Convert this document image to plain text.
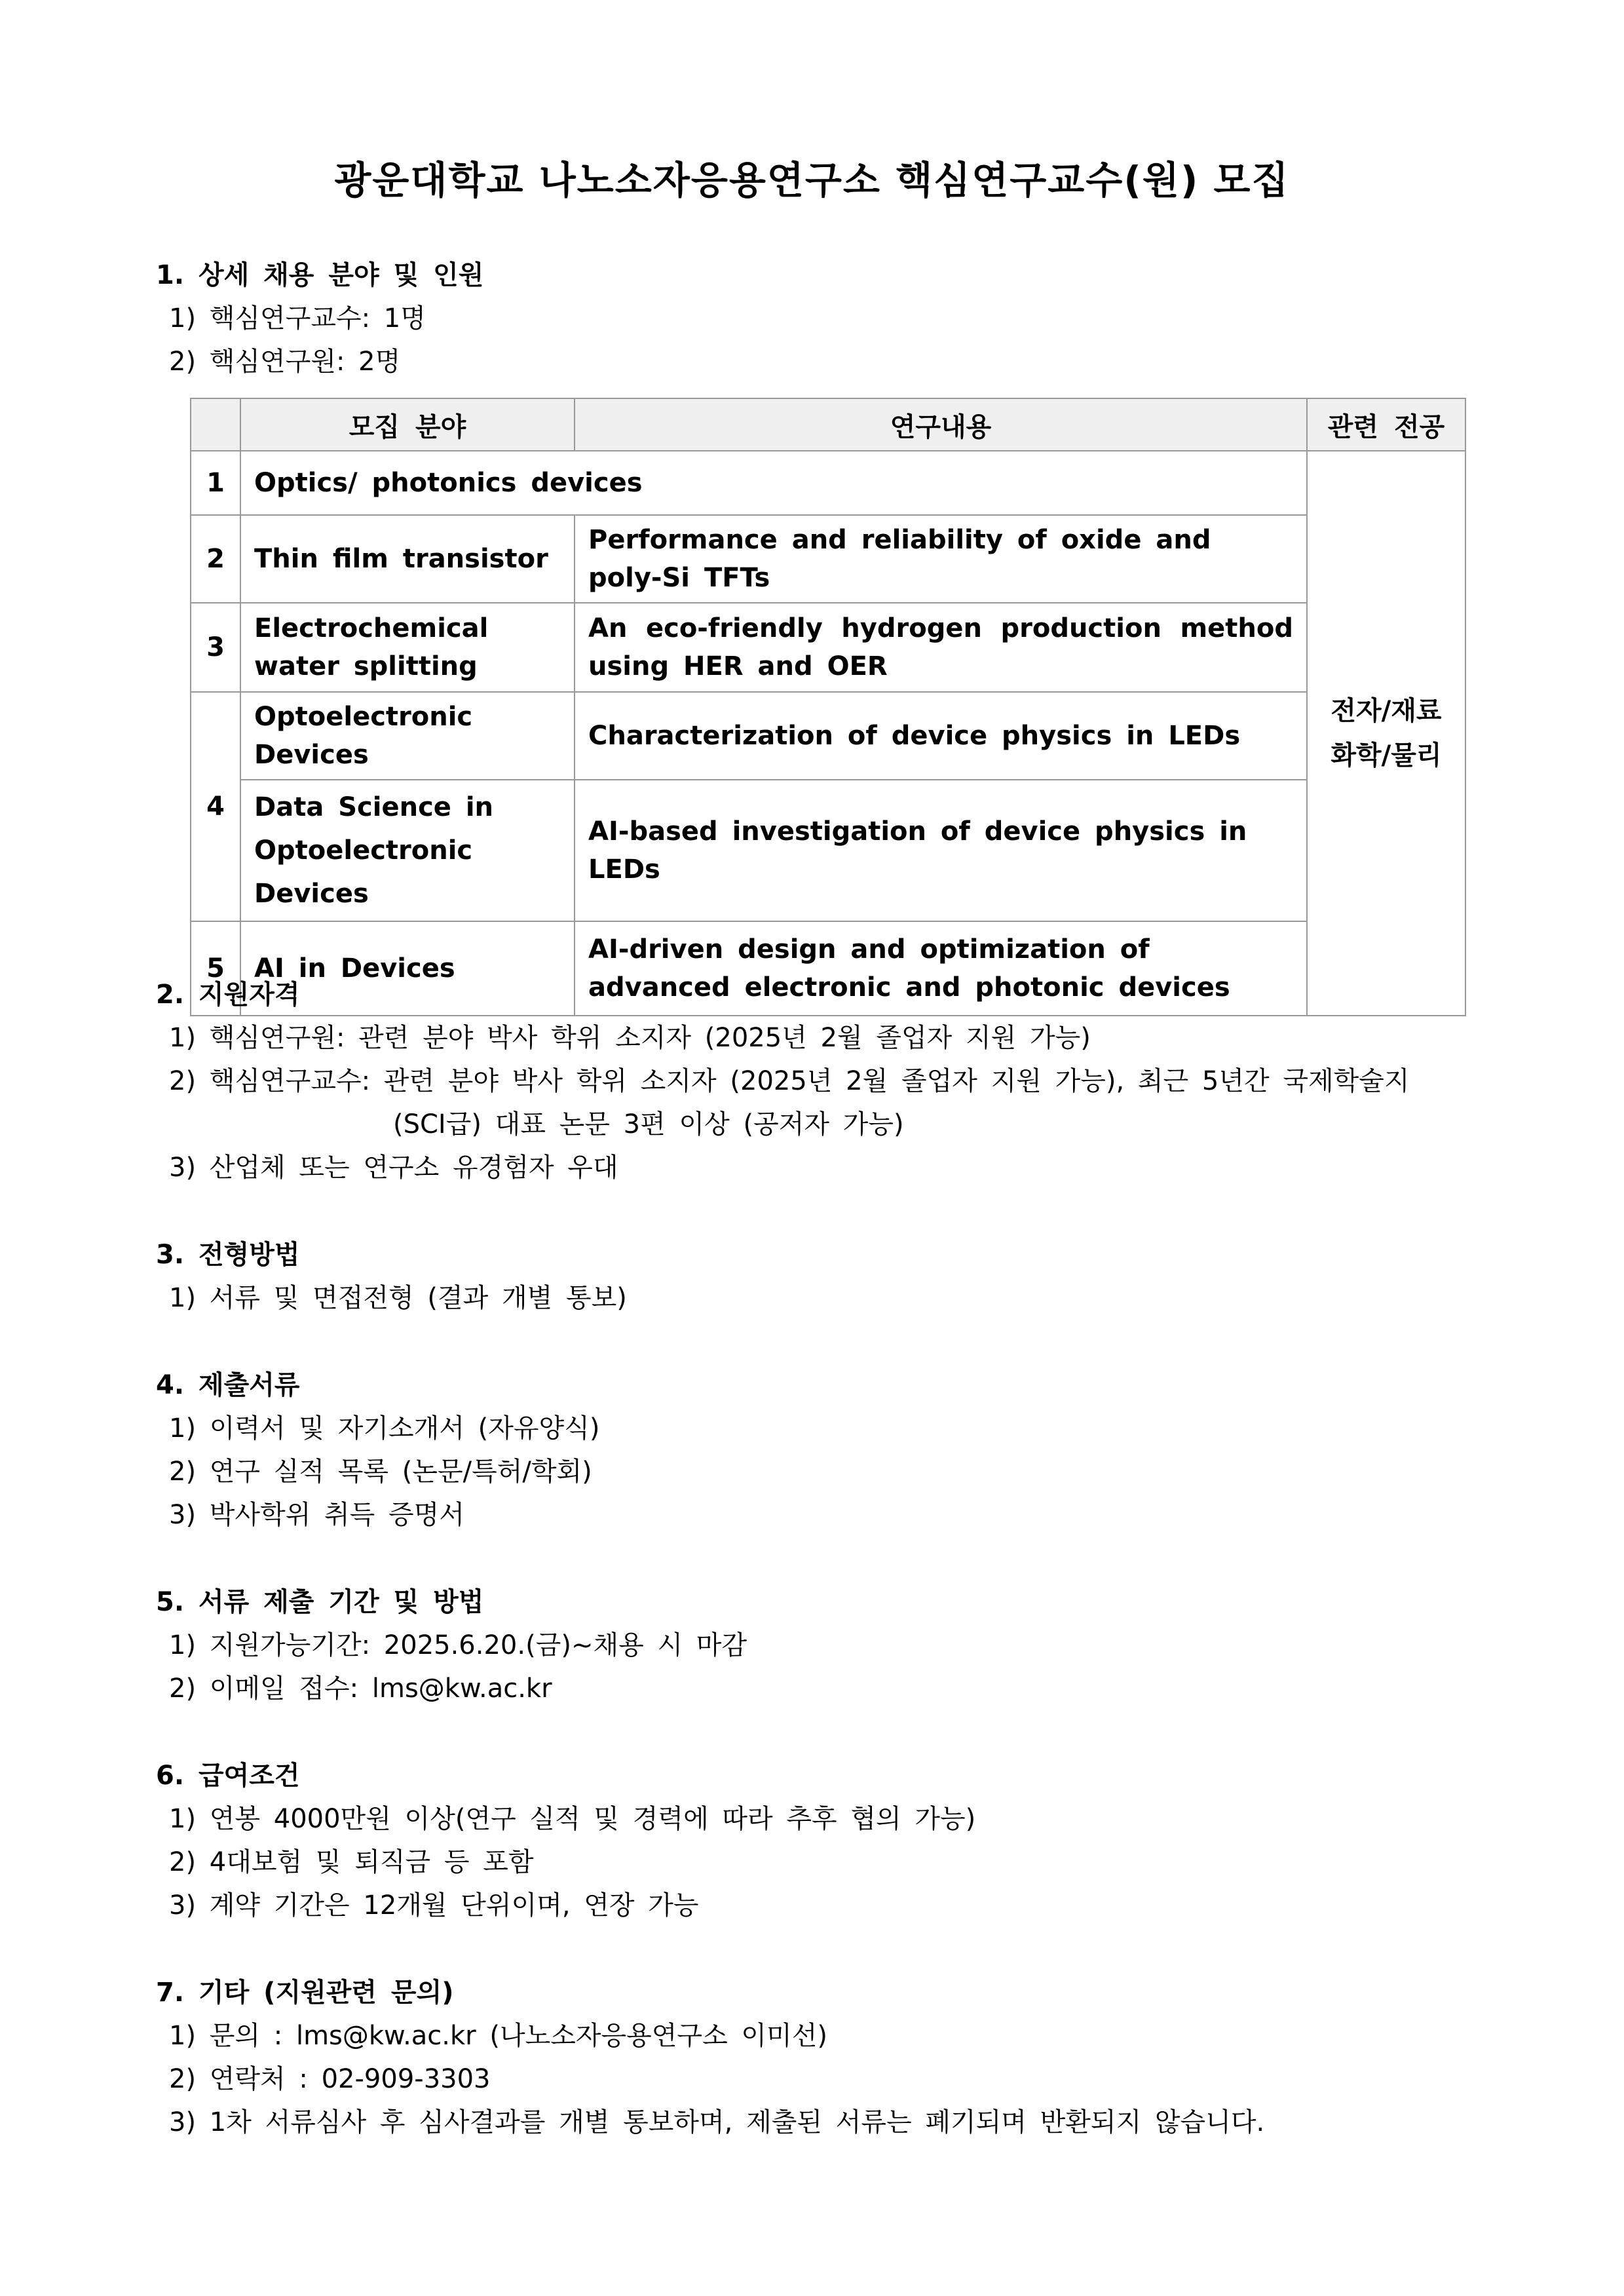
광운대학교 나노소자응용연구소 핵심연구교수(원) 모집
1. 상세 채용 분야 및 인원
1) 핵심연구교수: 1명
2) 핵심연구원: 2명
	모집 분야	연구내용	관련 전공
1	Optics/ photonics devices		전자/재료
화학/물리

2	Thin film transistor	Performance and reliability of oxide and poly-Si TFTs	
3	Electrochemical water splitting	An eco-friendly hydrogen production method using HER and OER	
4	Optoelectronic Devices	Characterization of device physics in LEDs	
	Data Science in Optoelectronic Devices	AI-based investigation of device physics in LEDs	
5	AI in Devices	AI-driven design and optimization of advanced electronic and photonic devices	
2. 지원자격
1) 핵심연구원: 관련 분야 박사 학위 소지자 (2025년 2월 졸업자 지원 가능)
2) 핵심연구교수: 관련 분야 박사 학위 소지자 (2025년 2월 졸업자 지원 가능), 최근 5년간 국제학술지
(SCI급) 대표 논문 3편 이상 (공저자 가능)
3) 산업체 또는 연구소 유경험자 우대
3. 전형방법
1) 서류 및 면접전형 (결과 개별 통보)
4. 제출서류
1) 이력서 및 자기소개서 (자유양식)
2) 연구 실적 목록 (논문/특허/학회)
3) 박사학위 취득 증명서
5. 서류 제출 기간 및 방법
1) 지원가능기간: 2025.6.20.(금)~채용 시 마감
2) 이메일 접수: lms@kw.ac.kr
6. 급여조건
1) 연봉 4000만원 이상(연구 실적 및 경력에 따라 추후 협의 가능)
2) 4대보험 및 퇴직금 등 포함
3) 계약 기간은 12개월 단위이며, 연장 가능
7. 기타 (지원관련 문의)
1) 문의 : lms@kw.ac.kr (나노소자응용연구소 이미선)
2) 연락처 : 02-909-3303
3) 1차 서류심사 후 심사결과를 개별 통보하며, 제출된 서류는 폐기되며 반환되지 않습니다.
